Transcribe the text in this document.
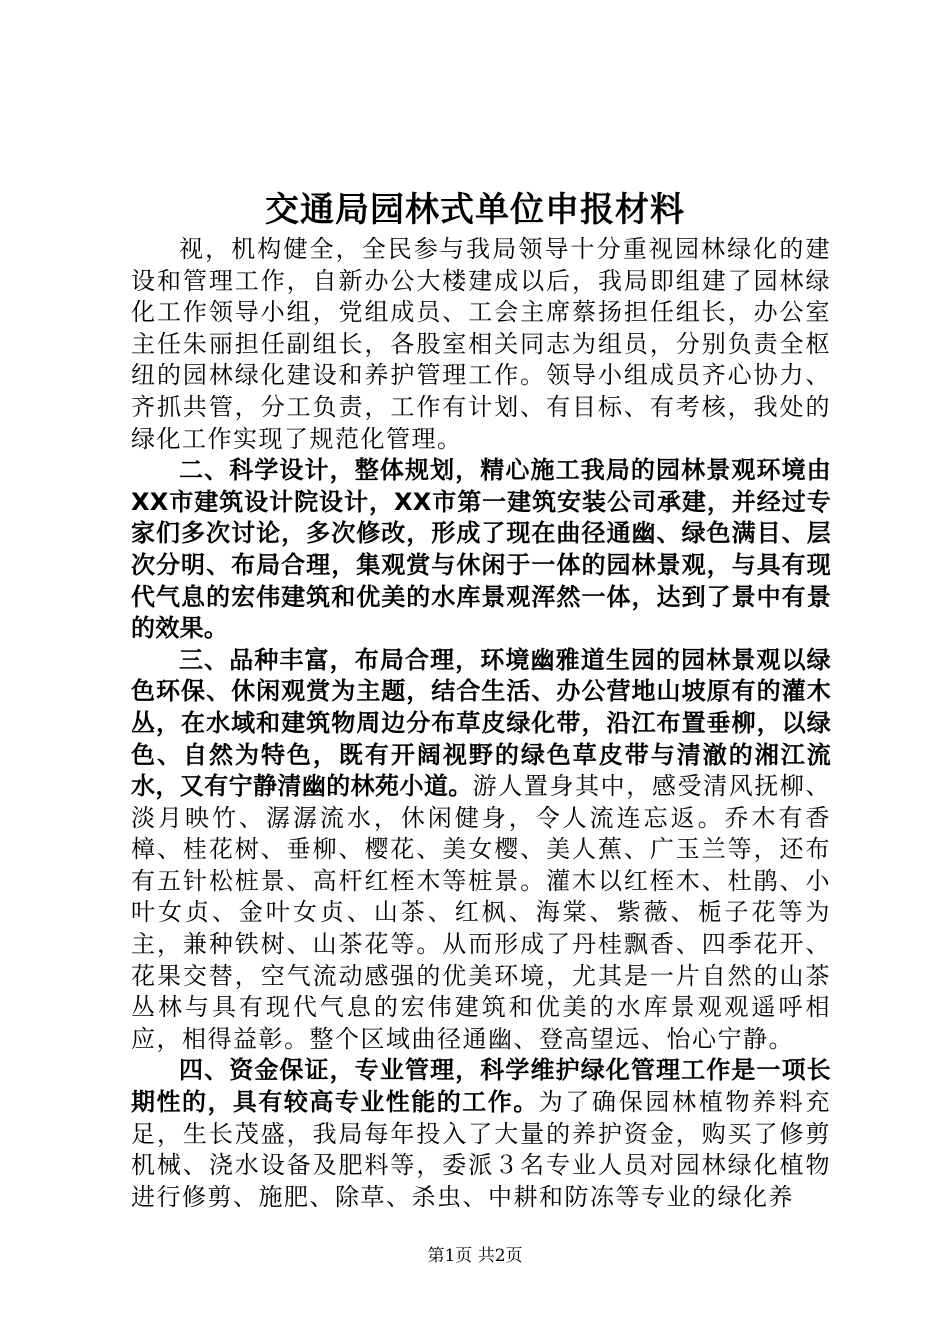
交通局园林式单位申报材料

视，机构健全，全民参与我局领导十分重视园林绿化的建设和管理工作，自新办公大楼建成以后，我局即组建了园林绿化工作领导小组，党组成员、工会主席蔡扬担任组长，办公室主任朱丽担任副组长，各股室相关同志为组员，分别负责全枢纽的园林绿化建设和养护管理工作。领导小组成员齐心协力、齐抓共管，分工负责，工作有计划、有目标、有考核，我处的绿化工作实现了规范化管理。

二、科学设计，整体规划，精心施工我局的园林景观环境由XX市建筑设计院设计，XX市第一建筑安装公司承建，并经过专家们多次讨论，多次修改，形成了现在曲径通幽、绿色满目、层次分明、布局合理，集观赏与休闲于一体的园林景观，与具有现代气息的宏伟建筑和优美的水库景观浑然一体，达到了景中有景的效果。

三、品种丰富，布局合理，环境幽雅道生园的园林景观以绿色环保、休闲观赏为主题，结合生活、办公营地山坡原有的灌木丛，在水域和建筑物周边分布草皮绿化带，沿江布置垂柳，以绿色、自然为特色，既有开阔视野的绿色草皮带与清澈的湘江流水，又有宁静清幽的林苑小道。游人置身其中，感受清风抚柳、淡月映竹、潺潺流水，休闲健身，令人流连忘返。乔木有香樟、桂花树、垂柳、樱花、美女樱、美人蕉、广玉兰等，还布有五针松桩景、高杆红桎木等桩景。灌木以红桎木、杜鹃、小叶女贞、金叶女贞、山茶、红枫、海棠、紫薇、栀子花等为主，兼种铁树、山茶花等。从而形成了丹桂飘香、四季花开、花果交替，空气流动感强的优美环境，尤其是一片自然的山茶丛林与具有现代气息的宏伟建筑和优美的水库景观观遥呼相应，相得益彰。整个区域曲径通幽、登高望远、怡心宁静。

四、资金保证，专业管理，科学维护绿化管理工作是一项长期性的，具有较高专业性能的工作。为了确保园林植物养料充足，生长茂盛，我局每年投入了大量的养护资金，购买了修剪机械、浇水设备及肥料等，委派３名专业人员对园林绿化植物进行修剪、施肥、除草、杀虫、中耕和防冻等专业的绿化养

第1页 共2页
